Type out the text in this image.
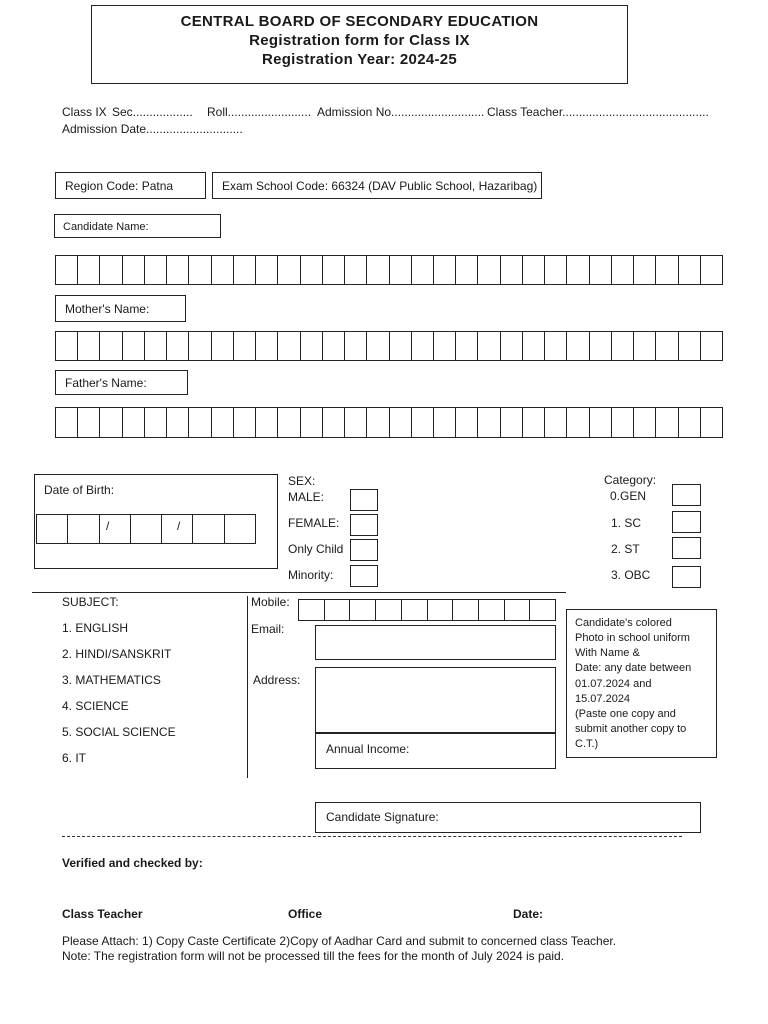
CENTRAL BOARD OF SECONDARY EDUCATION
Registration form for Class IX
Registration Year: 2024-25
Class IX Sec.................. Roll......................... Admission No............................ Class Teacher............................................
Admission Date.............................
Region Code: Patna	Exam School Code: 66324 (DAV Public School, Hazaribag)
Candidate Name:
Mother's Name:
Father's Name:
Date of Birth:
/	/
SEX:
MALE:
FEMALE:
Only Child
Minority:
Category:
0.GEN
1. SC
2. ST
3. OBC
SUBJECT:
1. ENGLISH
2. HINDI/SANSKRIT
3. MATHEMATICS
4. SCIENCE
5. SOCIAL SCIENCE
6. IT
Mobile:
Email:
Address:
Annual Income:
Candidate's colored
Photo in school uniform
With Name &
Date: any date between
01.07.2024 and
15.07.2024
(Paste one copy and
submit another copy to
C.T.)
Candidate Signature:
Verified and checked by:
Class Teacher	Office	Date:
Please Attach: 1) Copy Caste Certificate 2)Copy of Aadhar Card and submit to concerned class Teacher.
Note: The registration form will not be processed till the fees for the month of July 2024 is paid.
